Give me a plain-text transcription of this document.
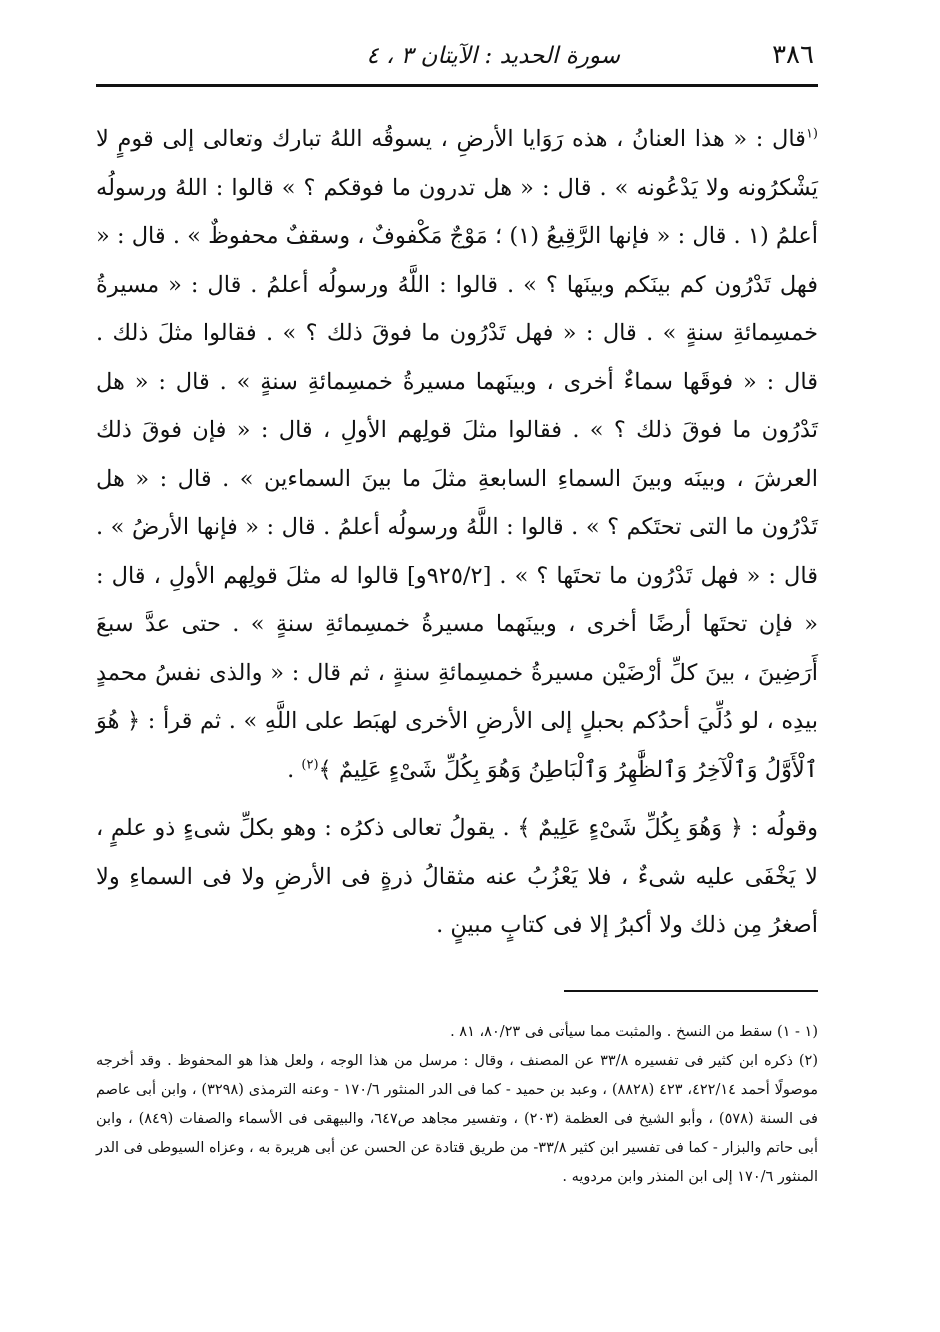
٣٨٦
سورة الحديد : الآيتان ٣ ، ٤

$^{(١}$قال : « هذا العنانُ ، هذه رَوَايا الأرضِ ، يسوقُه اللهُ تبارك وتعالى إلى قومٍ لا يَشْكرُونه ولا يَدْعُونه » . قال : « هل تدرون ما فوقكم ؟ » قالوا : اللهُ ورسولُه أعلمُ (١ . قال : « فإنها الرَّقِيعُ (١) ؛ مَوْجٌ مَكْفوفٌ ، وسقفٌ محفوظٌ » . قال : « فهل تَدْرُون كم بينَكم وبينَها ؟ » . قالوا : اللَّهُ ورسولُه أعلمُ . قال : « مسيرةُ خمسِمائةِ سنةٍ » . قال : « فهل تَدْرُون ما فوقَ ذلك ؟ » . فقالوا مثلَ ذلك . قال : « فوقَها سماءٌ أخرى ، وبينَهما مسيرةُ خمسِمائةِ سنةٍ » . قال : « هل تَدْرُون ما فوقَ ذلك ؟ » . فقالوا مثلَ قولِهم الأولِ ، قال : « فإن فوقَ ذلك العرشَ ، وبينَه وبينَ السماءِ السابعةِ مثلَ ما بينَ السماءين » . قال : « هل تَدْرُون ما التى تحتَكم ؟ » . قالوا : اللَّهُ ورسولُه أعلمُ . قال : « فإنها الأرضُ » . قال : « فهل تَدْرُون ما تحتَها ؟ » . [٩٢٥/٢و] قالوا له مثلَ قولِهم الأولِ ، قال : « فإن تحتَها أرضًا أخرى ، وبينَهما مسيرةُ خمسِمائةِ سنةٍ » . حتى عدَّ سبعَ أَرَضِينَ ، بينَ كلِّ أرْضَيْن مسيرةُ خمسِمائةِ سنةٍ ، ثم قال : « والذى نفسُ محمدٍ بيدِه ، لو دُلِّيَ أحدُكم بحبلٍ إلى الأرضِ الأخرى لهبَط على اللَّهِ » . ثم قرأ : ﴿ هُوَ ٱلْأَوَّلُ وَٱلْآخِرُ وَٱلظَّٰهِرُ وَٱلْبَاطِنُ وَهُوَ بِكُلِّ شَىْءٍ عَلِيمٌ ﴾$^{(٢)}$ .

وقولُه : ﴿ وَهُوَ بِكُلِّ شَىْءٍ عَلِيمٌ ﴾ . يقولُ تعالى ذكرُه : وهو بكلِّ شىءٍ ذو علمٍ ، لا يَخْفَى عليه شىءٌ ، فلا يَعْزُبُ عنه مثقالُ ذرةٍ فى الأرضِ ولا فى السماءِ ولا أصغرُ مِن ذلك ولا أكبرُ إلا فى كتابٍ مبينٍ .

(١ - ١) سقط من النسخ . والمثبت مما سيأتى فى ٨٠/٢٣، ٨١ .

(٢) ذكره ابن كثير فى تفسيره ٣٣/٨ عن المصنف ، وقال : مرسل من هذا الوجه ، ولعل هذا هو المحفوظ . وقد أخرجه موصولًا أحمد ٤٢٢/١٤، ٤٢٣ (٨٨٢٨) ، وعبد بن حميد - كما فى الدر المنثور ١٧٠/٦ - وعنه الترمذى (٣٢٩٨) ، وابن أبى عاصم فى السنة (٥٧٨) ، وأبو الشيخ فى العظمة (٢٠٣) ، وتفسير مجاهد ص٦٤٧، والبيهقى فى الأسماء والصفات (٨٤٩) ، وابن أبى حاتم والبزار - كما فى تفسير ابن كثير ٣٣/٨- من طريق قتادة عن الحسن عن أبى هريرة به ، وعزاه السيوطى فى الدر المنثور ١٧٠/٦ إلى ابن المنذر وابن مردويه .
